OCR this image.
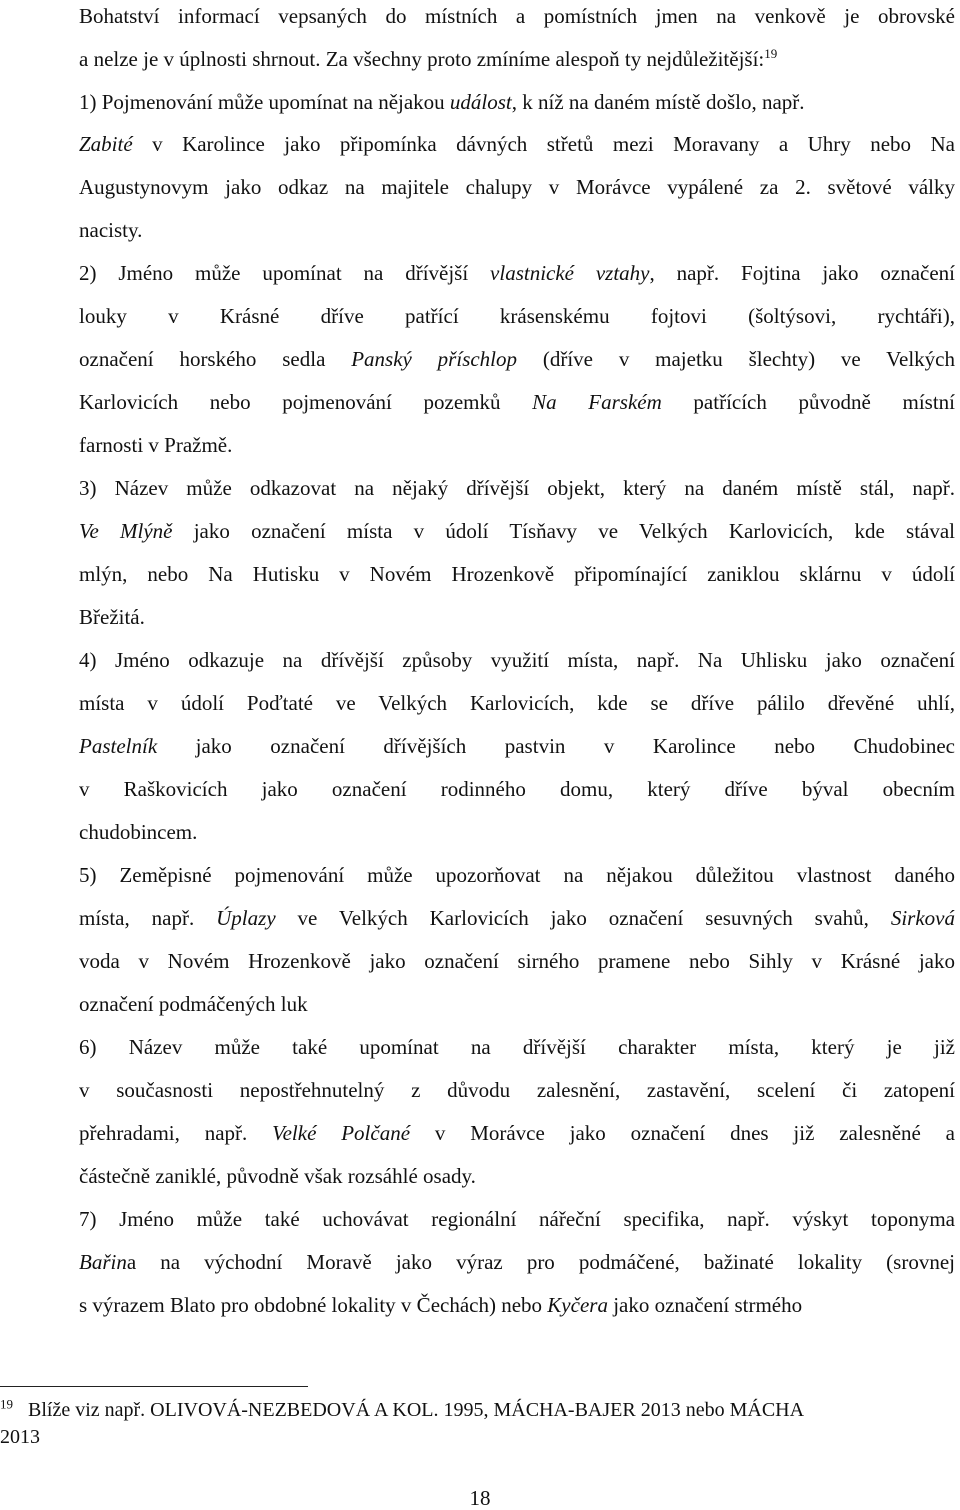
Bohatství informací vepsaných do místních a pomístních jmen na venkově je obrovské
a nelze je v úplnosti shrnout. Za všechny proto zmíníme alespoň ty nejdůležitější:$^{19}$
1) Pojmenování může upomínat na nějakou událost, k níž na daném místě došlo, např.
Zabité v Karolince jako připomínka dávných střetů mezi Moravany a Uhry nebo Na
Augustynovym jako odkaz na majitele chalupy v Morávce vypálené za 2. světové války
nacisty.
2) Jméno může upomínat na dřívější vlastnické vztahy, např. Fojtina jako označení
louky v Krásné dříve patřící krásenskému fojtovi (šoltýsovi, rychtáři),
označení horského sedla Panský příschlop (dříve v majetku šlechty) ve Velkých
Karlovicích nebo pojmenování pozemků Na Farském patřících původně místní
farnosti v Pražmě.
3) Název může odkazovat na nějaký dřívější objekt, který na daném místě stál, např.
Ve Mlýně jako označení místa v údolí Tísňavy ve Velkých Karlovicích, kde stával
mlýn, nebo Na Hutisku v Novém Hrozenkově připomínající zaniklou sklárnu v údolí
Břežitá.
4) Jméno odkazuje na dřívější způsoby využití místa, např. Na Uhlisku jako označení
místa v údolí Poďtaté ve Velkých Karlovicích, kde se dříve pálilo dřevěné uhlí,
Pastelník jako označení dřívějších pastvin v Karolince nebo Chudobinec
v Raškovicích jako označení rodinného domu, který dříve býval obecním
chudobincem.
5) Zeměpisné pojmenování může upozorňovat na nějakou důležitou vlastnost daného
místa, např. Úplazy ve Velkých Karlovicích jako označení sesuvných svahů, Sirková
voda v Novém Hrozenkově jako označení sirného pramene nebo Sihly v Krásné jako
označení podmáčených luk
6) Název může také upomínat na dřívější charakter místa, který je již
v současnosti nepostřehnutelný z důvodu zalesnění, zastavění, scelení či zatopení
přehradami, např. Velké Polčané v Morávce jako označení dnes již zalesněné a
částečně zaniklé, původně však rozsáhlé osady.
7) Jméno může také uchovávat regionální nářeční specifika, např. výskyt toponyma
Bařina na východní Moravě jako výraz pro podmáčené, bažinaté lokality (srovnej
s výrazem Blato pro obdobné lokality v Čechách) nebo Kyčera jako označení strmého
$^{19}$ Blíže viz např. OLIVOVÁ-NEZBEDOVÁ A KOL. 1995, MÁCHA-BAJER 2013 nebo MÁCHA
2013
18
